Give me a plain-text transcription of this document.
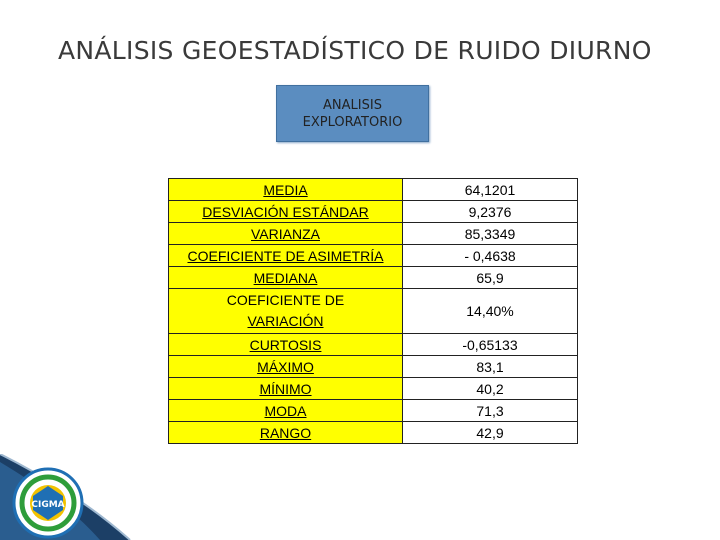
ANÁLISIS GEOESTADÍSTICO DE RUIDO DIURNO
ANALISIS
EXPLORATORIO
MEDIA	64,1201
DESVIACIÓN ESTÁNDAR	9,2376
VARIANZA	85,3349
COEFICIENTE DE ASIMETRÍA	- 0,4638
MEDIANA	65,9

COEFICIENTE DE
VARIACIÓN	14,40%
CURTOSIS	-0,65133
MÁXIMO	83,1
MÍNIMO	40,2
MODA	71,3
RANGO	42,9
CIGMA
